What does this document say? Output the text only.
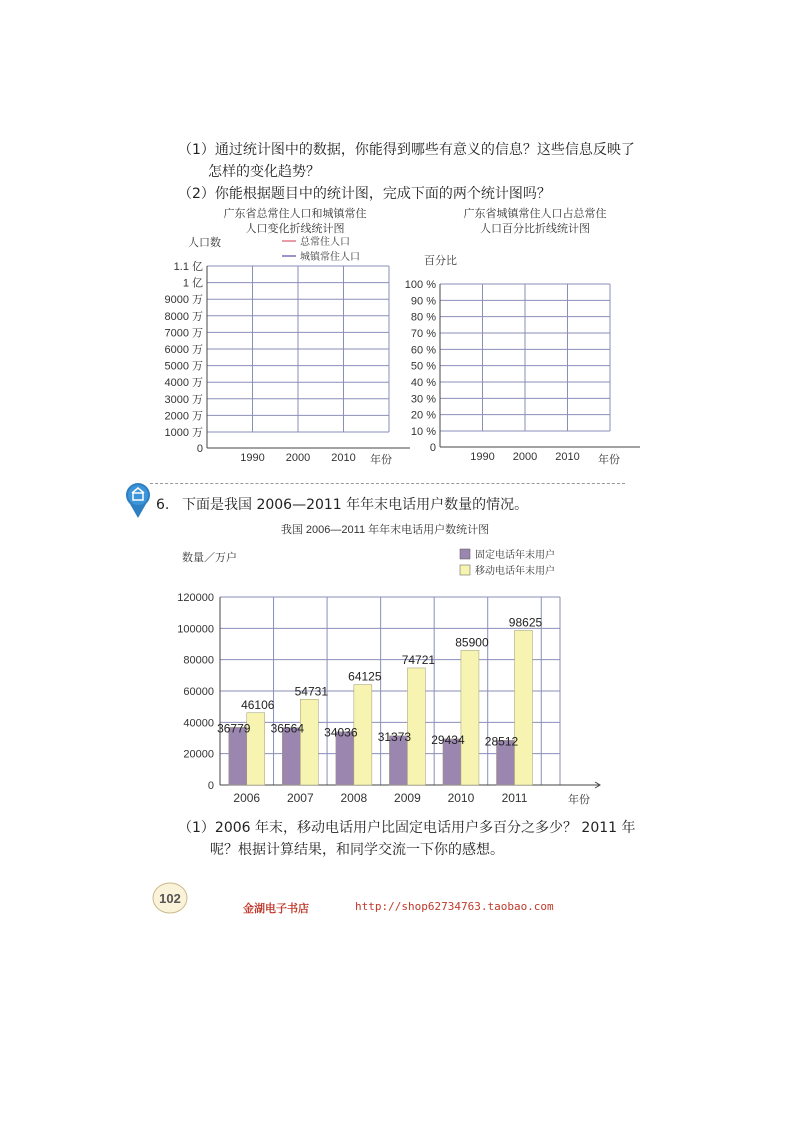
（1）通过统计图中的数据，你能得到哪些有意义的信息？这些信息反映了
怎样的变化趋势？
（2）你能根据题目中的统计图，完成下面的两个统计图吗？
广东省总常住人口和城镇常住
人口变化折线统计图
广东省城镇常住人口占总常住
人口百分比折线统计图
人口数	总常住人口
城镇常住人口
1.1 亿
1 亿
9000 万
8000 万
7000 万
6000 万
5000 万
4000 万
3000 万
2000 万
1000 万
0
1990 2000 2010 年份
百分比
100 %
90 %
80 %
70 %
60 %
50 %
40 %
30 %
20 %
10 %
0
1990 2000 2010 年份
6. 下面是我国 2006—2011 年年末电话用户数量的情况。
我国 2006—2011 年年末电话用户数统计图
数量／万户	固定电话年末用户
移动电话年末用户
0
20000
40000
60000
80000
100000
120000
36779
46106
36564
54731
34036
64125
31373
74721
29434
85900
28512
98625
2006 2007 2008 2009 2010 2011	年份
（1）2006 年末，移动电话用户比固定电话用户多百分之多少？ 2011 年
呢？根据计算结果，和同学交流一下你的感想。
102
金湖电子书店	http://shop62734763.taobao.com
